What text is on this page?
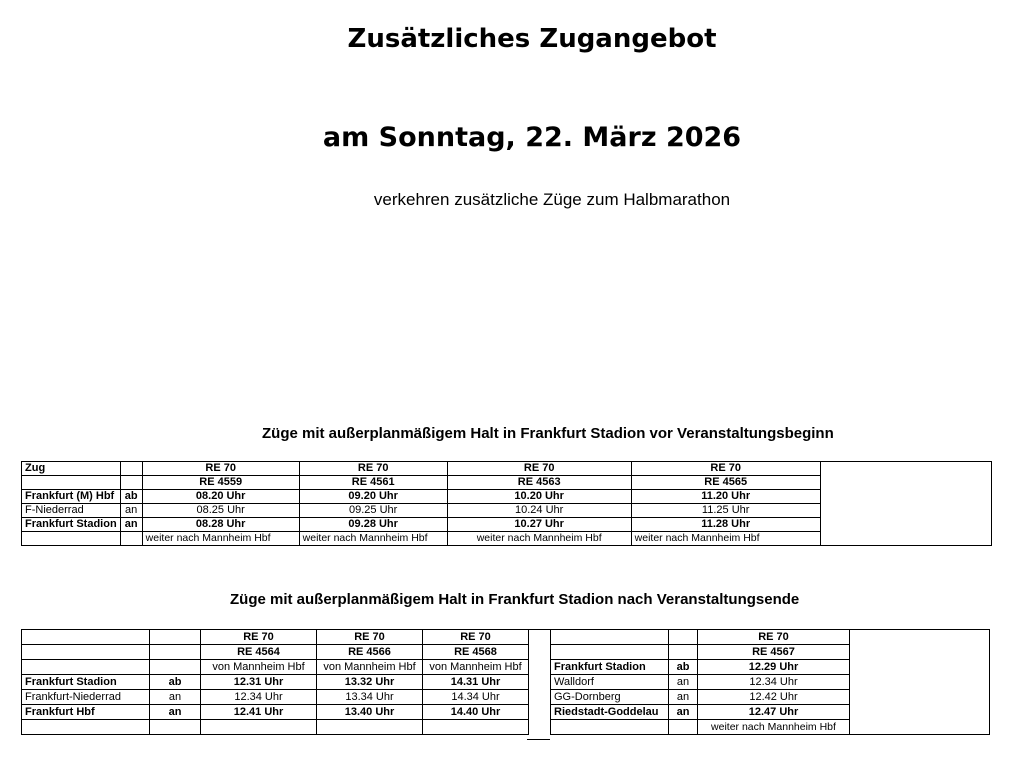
Zusätzliches Zugangebot
am Sonntag, 22. März 2026
verkehren zusätzliche Züge zum Halbmarathon
Züge mit außerplanmäßigem Halt in Frankfurt Stadion vor Veranstaltungsbeginn
Zug		RE 70	RE 70	RE 70	RE 70	
		RE 4559	RE 4561	RE 4563	RE 4565	
Frankfurt (M) Hbf	ab	08.20 Uhr	09.20 Uhr	10.20 Uhr	11.20 Uhr	
F-Niederrad	an	08.25 Uhr	09.25 Uhr	10.24 Uhr	11.25 Uhr	
Frankfurt Stadion	an	08.28 Uhr	09.28 Uhr	10.27 Uhr	11.28 Uhr	
		weiter nach Mannheim Hbf	weiter nach Mannheim Hbf	weiter nach Mannheim Hbf	weiter nach Mannheim Hbf	
Züge mit außerplanmäßigem Halt in Frankfurt Stadion nach Veranstaltungsende
		RE 70	RE 70	RE 70
		RE 4564	RE 4566	RE 4568
		von Mannheim Hbf	von Mannheim Hbf	von Mannheim Hbf
Frankfurt Stadion	ab	12.31 Uhr	13.32 Uhr	14.31 Uhr
Frankfurt-Niederrad	an	12.34 Uhr	13.34 Uhr	14.34 Uhr
Frankfurt Hbf	an	12.41 Uhr	13.40 Uhr	14.40 Uhr

		RE 70	
		RE 4567	
Frankfurt Stadion	ab	12.29 Uhr	
Walldorf	an	12.34 Uhr	
GG-Dornberg	an	12.42 Uhr	
Riedstadt-Goddelau	an	12.47 Uhr	
		weiter nach Mannheim Hbf	
